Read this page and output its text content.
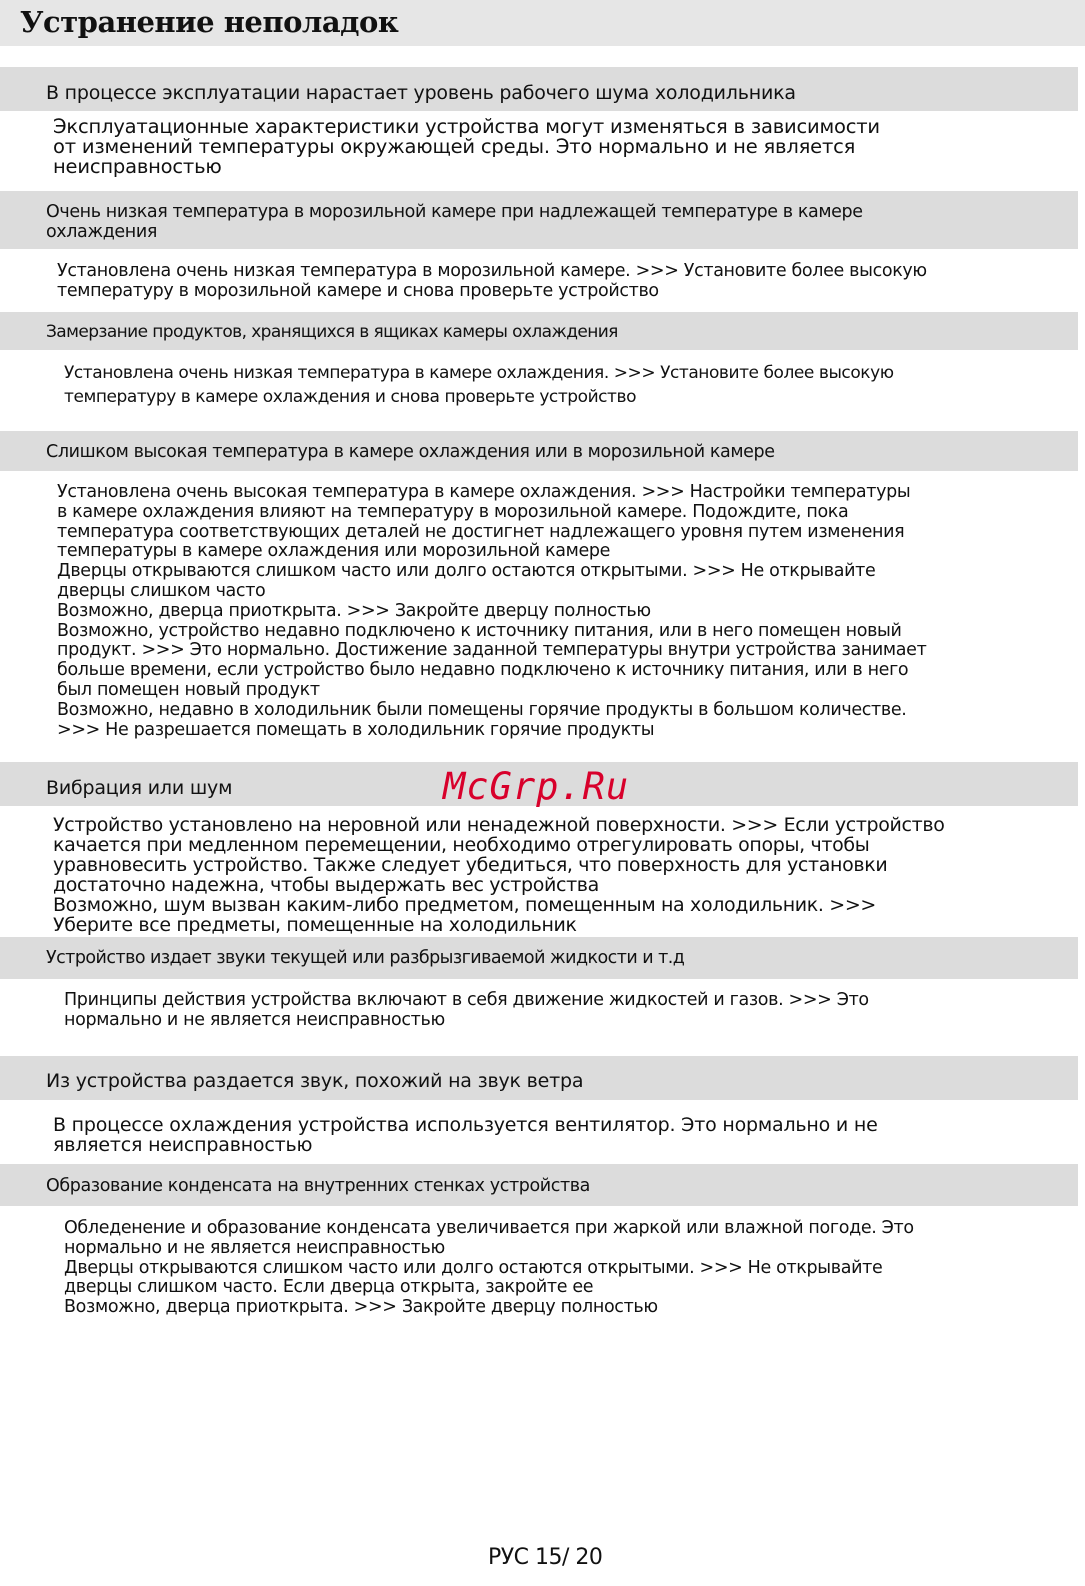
Устранение неполадок
В процессе эксплуатации нарастает уровень рабочего шума холодильника
Эксплуатационные характеристики устройства могут изменяться в зависимости
от изменений температуры окружающей среды. Это нормально и не является
неисправностью
Очень низкая температура в морозильной камере при надлежащей температуре в камере
охлаждения
Установлена очень низкая температура в морозильной камере. >>> Установите более высокую
температуру в морозильной камере и снова проверьте устройство
Замерзание продуктов, хранящихся в ящиках камеры охлаждения
Установлена очень низкая температура в камере охлаждения. >>> Установите более высокую
температуру в камере охлаждения и снова проверьте устройство
Слишком высокая температура в камере охлаждения или в морозильной камере
Установлена очень высокая температура в камере охлаждения. >>> Настройки температуры
в камере охлаждения влияют на температуру в морозильной камере. Подождите, пока
температура соответствующих деталей не достигнет надлежащего уровня путем изменения
температуры в камере охлаждения или морозильной камере
Дверцы открываются слишком часто или долго остаются открытыми. >>> Не открывайте
дверцы слишком часто
Возможно, дверца приоткрыта. >>> Закройте дверцу полностью
Возможно, устройство недавно подключено к источнику питания, или в него помещен новый
продукт. >>> Это нормально. Достижение заданной температуры внутри устройства занимает
больше времени, если устройство было недавно подключено к источнику питания, или в него
был помещен новый продукт
Возможно, недавно в холодильник были помещены горячие продукты в большом количестве.
>>> Не разрешается помещать в холодильник горячие продукты
Вибрация или шум
Устройство установлено на неровной или ненадежной поверхности. >>> Если устройство
качается при медленном перемещении, необходимо отрегулировать опоры, чтобы
уравновесить устройство. Также следует убедиться, что поверхность для установки
достаточно надежна, чтобы выдержать вес устройства
Возможно, шум вызван каким-либо предметом, помещенным на холодильник. >>>
Уберите все предметы, помещенные на холодильник
Устройство издает звуки текущей или разбрызгиваемой жидкости и т.д
Принципы действия устройства включают в себя движение жидкостей и газов. >>> Это
нормально и не является неисправностью
Из устройства раздается звук, похожий на звук ветра
В процессе охлаждения устройства используется вентилятор. Это нормально и не
является неисправностью
Образование конденсата на внутренних стенках устройства
Обледенение и образование конденсата увеличивается при жаркой или влажной погоде. Это
нормально и не является неисправностью
Дверцы открываются слишком часто или долго остаются открытыми. >>> Не открывайте
дверцы слишком часто. Если дверца открыта, закройте ее
Возможно, дверца приоткрыта. >>> Закройте дверцу полностью
McGrp.Ru
РУС 15/ 20
